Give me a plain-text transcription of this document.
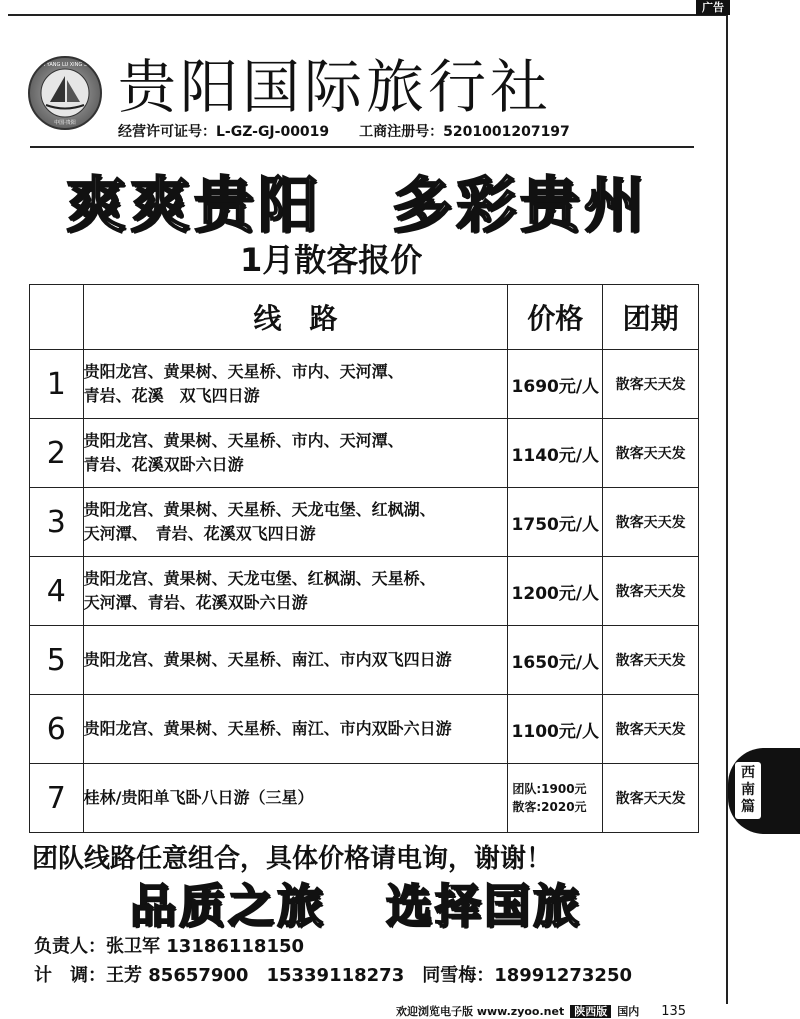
广告
GUI YANG LU XING SHE
中国·贵阳
贵阳国际旅行社
经营许可证号：L-GZ-GJ-00019 工商注册号：5201001207197
爽爽贵阳 多彩贵州
1月散客报价
	线　路	价格	团期
1	贵阳龙宫、黄果树、天星桥、市内、天河潭、
青岩、花溪　双飞四日游	1690元/人	散客天天发
2	贵阳龙宫、黄果树、天星桥、市内、天河潭、
青岩、花溪双卧六日游	1140元/人	散客天天发
3	贵阳龙宫、黄果树、天星桥、天龙屯堡、红枫湖、
天河潭、　青岩、花溪双飞四日游	1750元/人	散客天天发
4	贵阳龙宫、黄果树、天龙屯堡、红枫湖、天星桥、
天河潭、青岩、花溪双卧六日游	1200元/人	散客天天发
5	贵阳龙宫、黄果树、天星桥、南江、市内双飞四日游	1650元/人	散客天天发
6	贵阳龙宫、黄果树、天星桥、南江、市内双卧六日游	1100元/人	散客天天发
7	桂林/贵阳单飞卧八日游（三星）	团队:1900元
散客:2020元	散客天天发
西南篇
团队线路任意组合，具体价格请电询，谢谢！
品质之旅 选择国旅
负责人：张卫军 13186118150
计　调：王芳 85657900　15339118273 同雪梅：18991273250
欢迎浏览电子版 www.zyoo.net 陕西版 国内 135
